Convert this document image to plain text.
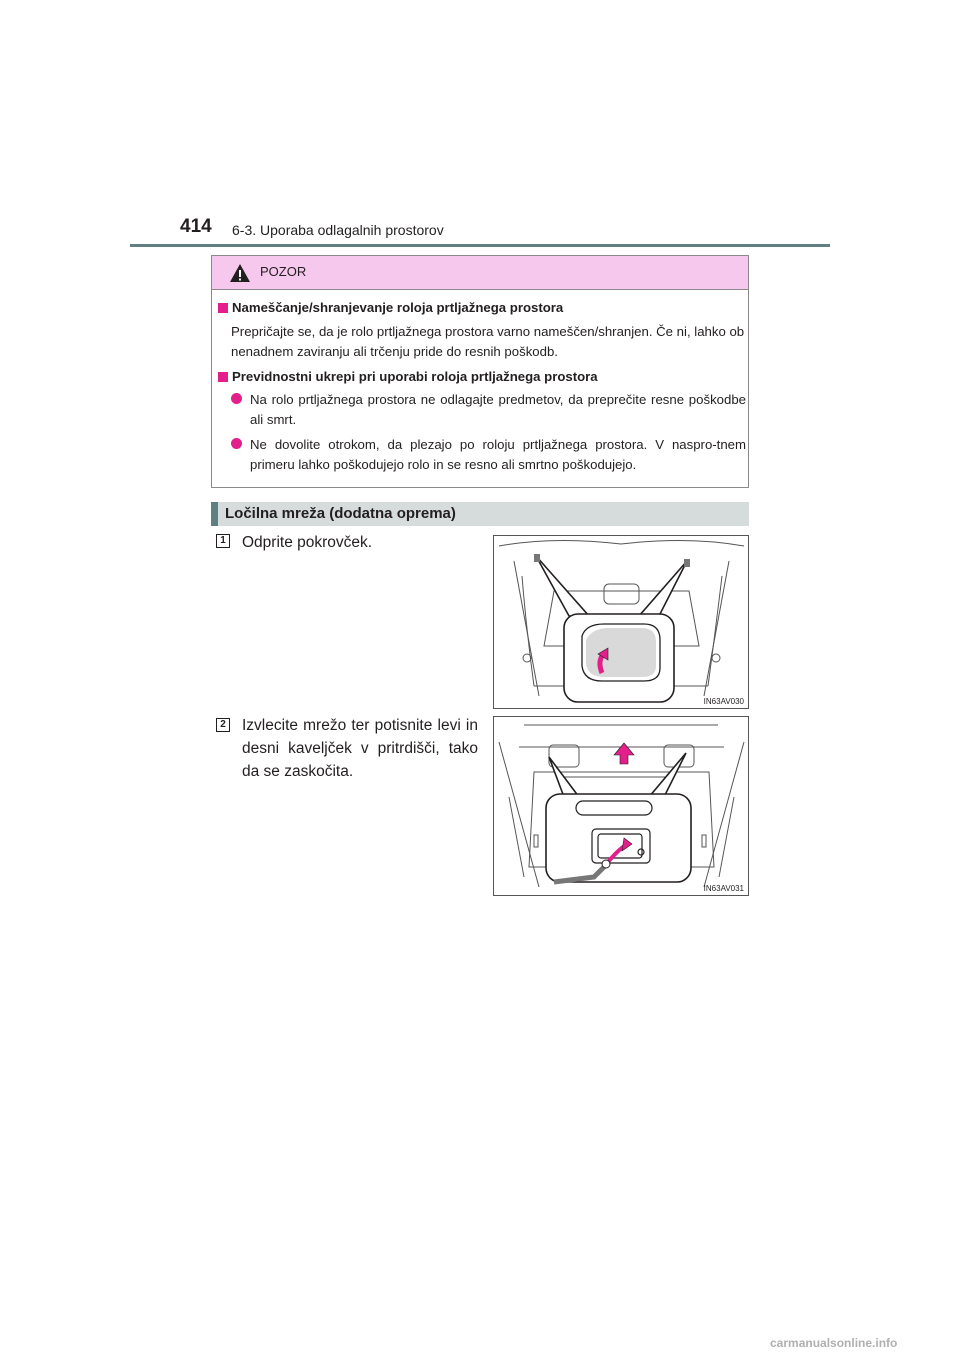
414 6-3. Uporaba odlagalnih prostorov
POZOR
Nameščanje/shranjevanje roloja prtljažnega prostora
Prepričajte se, da je rolo prtljažnega prostora varno nameščen/shranjen. Če ni, lahko ob nenadnem zaviranju ali trčenju pride do resnih poškodb.
Previdnostni ukrepi pri uporabi roloja prtljažnega prostora
Na rolo prtljažnega prostora ne odlagajte predmetov, da preprečite resne poškodbe ali smrt.
Ne dovolite otrokom, da plezajo po roloju prtljažnega prostora. V naspro-tnem primeru lahko poškodujejo rolo in se resno ali smrtno poškodujejo.
Ločilna mreža (dodatna oprema)
1 Odprite pokrovček.
IN63AV030
2 Izvlecite mrežo ter potisnite levi in desni kaveljček v pritrdišči, tako da se zaskočita.
IN63AV031
carmanualsonline.info
